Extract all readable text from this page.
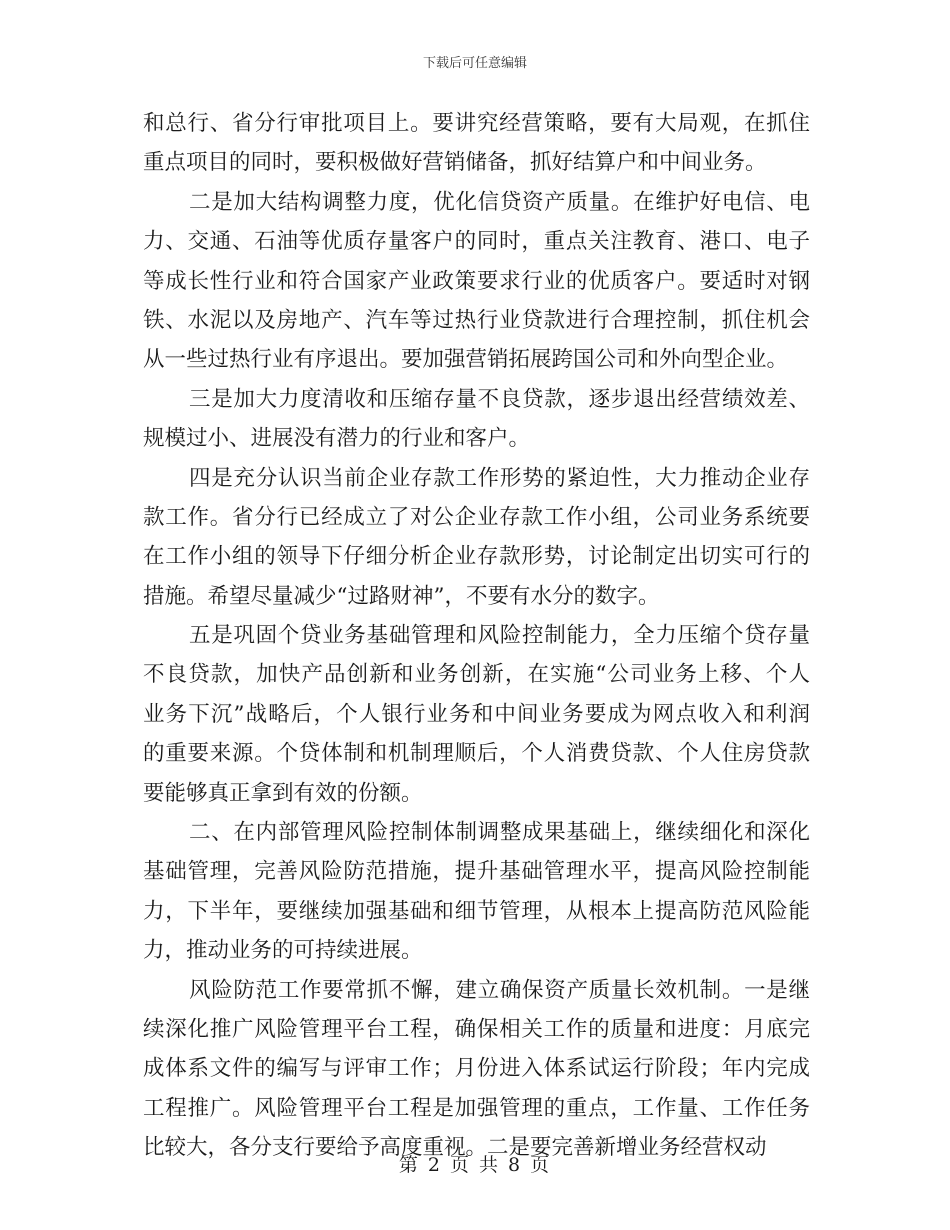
下载后可任意编辑
和总行、省分行审批项目上。要讲究经营策略，要有大局观，在抓住
重点项目的同时，要积极做好营销储备，抓好结算户和中间业务。
二是加大结构调整力度，优化信贷资产质量。在维护好电信、电
力、交通、石油等优质存量客户的同时，重点关注教育、港口、电子
等成长性行业和符合国家产业政策要求行业的优质客户。要适时对钢
铁、水泥以及房地产、汽车等过热行业贷款进行合理控制，抓住机会
从一些过热行业有序退出。要加强营销拓展跨国公司和外向型企业。
三是加大力度清收和压缩存量不良贷款，逐步退出经营绩效差、
规模过小、进展没有潜力的行业和客户。
四是充分认识当前企业存款工作形势的紧迫性，大力推动企业存
款工作。省分行已经成立了对公企业存款工作小组，公司业务系统要
在工作小组的领导下仔细分析企业存款形势，讨论制定出切实可行的
措施。希望尽量减少“过路财神”，不要有水分的数字。
五是巩固个贷业务基础管理和风险控制能力，全力压缩个贷存量
不良贷款，加快产品创新和业务创新，在实施“公司业务上移、个人
业务下沉”战略后，个人银行业务和中间业务要成为网点收入和利润
的重要来源。个贷体制和机制理顺后，个人消费贷款、个人住房贷款
要能够真正拿到有效的份额。
二、在内部管理风险控制体制调整成果基础上，继续细化和深化
基础管理，完善风险防范措施，提升基础管理水平，提高风险控制能
力，下半年，要继续加强基础和细节管理，从根本上提高防范风险能
力，推动业务的可持续进展。
风险防范工作要常抓不懈，建立确保资产质量长效机制。一是继
续深化推广风险管理平台工程，确保相关工作的质量和进度：月底完
成体系文件的编写与评审工作；月份进入体系试运行阶段；年内完成
工程推广。风险管理平台工程是加强管理的重点，工作量、工作任务
比较大，各分支行要给予高度重视。二是要完善新增业务经营权动
第 2 页 共 8 页
